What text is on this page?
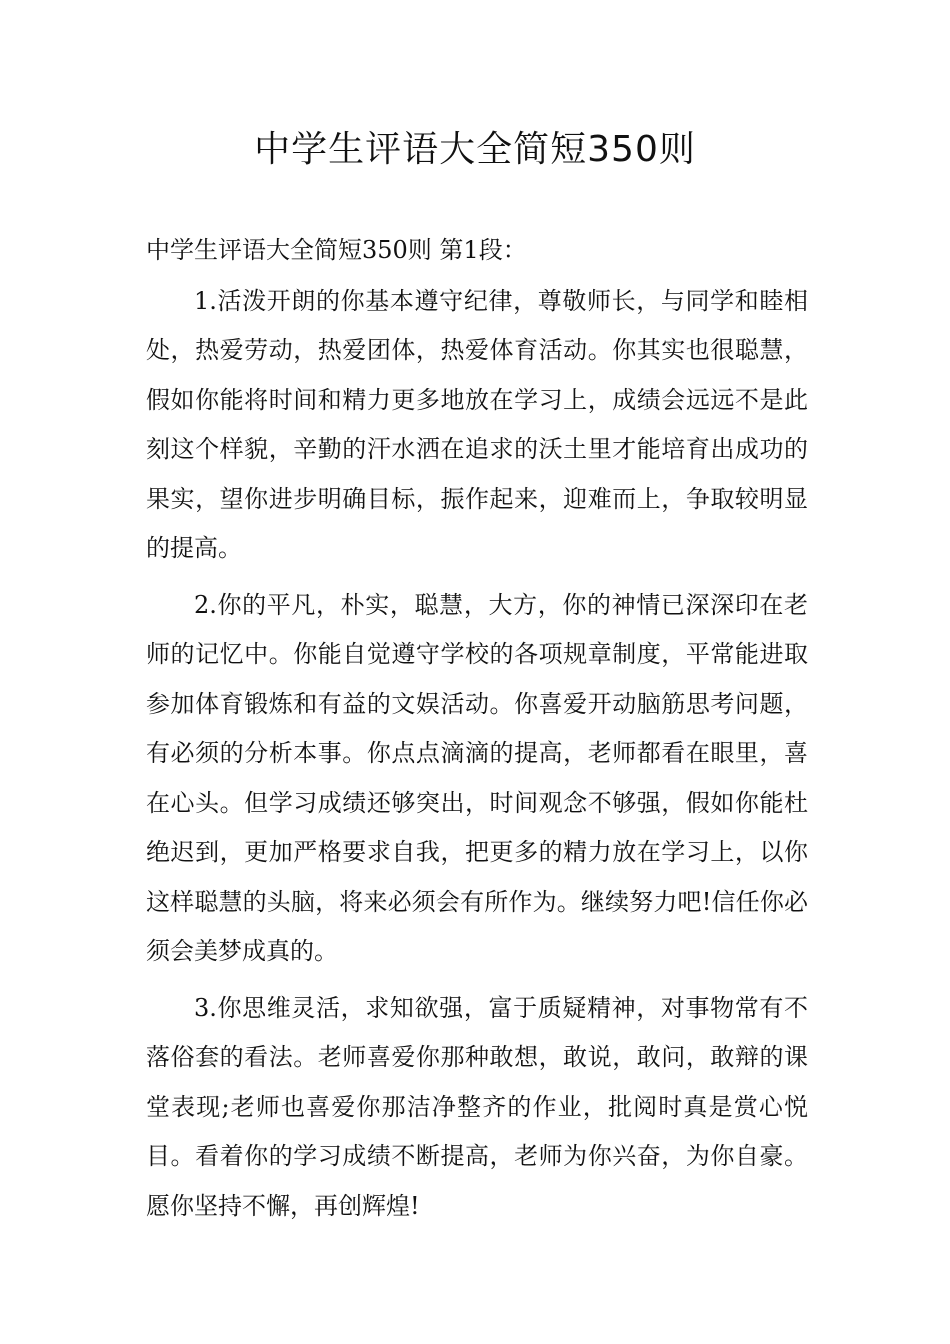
中学生评语大全简短350则

中学生评语大全简短350则 第1段：

1.活泼开朗的你基本遵守纪律，尊敬师长，与同学和睦相处，热爱劳动，热爱团体，热爱体育活动。你其实也很聪慧，假如你能将时间和精力更多地放在学习上，成绩会远远不是此刻这个样貌，辛勤的汗水洒在追求的沃土里才能培育出成功的果实，望你进步明确目标，振作起来，迎难而上，争取较明显的提高。

2.你的平凡，朴实，聪慧，大方，你的神情已深深印在老师的记忆中。你能自觉遵守学校的各项规章制度，平常能进取参加体育锻炼和有益的文娱活动。你喜爱开动脑筋思考问题，有必须的分析本事。你点点滴滴的提高，老师都看在眼里，喜在心头。但学习成绩还够突出，时间观念不够强，假如你能杜绝迟到，更加严格要求自我，把更多的精力放在学习上，以你这样聪慧的头脑，将来必须会有所作为。继续努力吧!信任你必须会美梦成真的。

3.你思维灵活，求知欲强，富于质疑精神，对事物常有不落俗套的看法。老师喜爱你那种敢想，敢说，敢问，敢辩的课堂表现;老师也喜爱你那洁净整齐的作业，批阅时真是赏心悦目。看着你的学习成绩不断提高，老师为你兴奋，为你自豪。愿你坚持不懈，再创辉煌!
